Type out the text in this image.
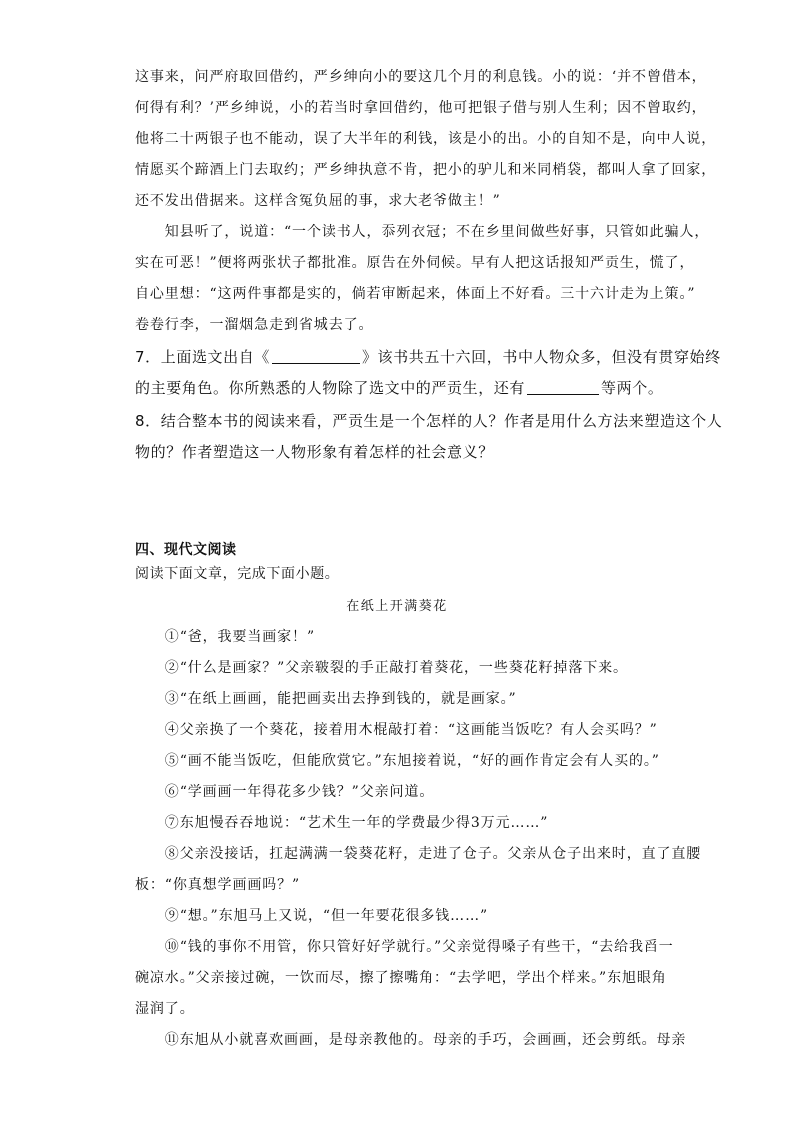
这事来，问严府取回借约，严乡绅向小的要这几个月的利息钱。小的说：‘并不曾借本，
何得有利？’严乡绅说，小的若当时拿回借约，他可把银子借与别人生利；因不曾取约，
他将二十两银子也不能动，误了大半年的利钱，该是小的出。小的自知不是，向中人说，
情愿买个蹄酒上门去取约；严乡绅执意不肯，把小的驴儿和米同梢袋，都叫人拿了回家，
还不发出借据来。这样含冤负屈的事，求大老爷做主！”
　　知县听了，说道：“一个读书人，忝列衣冠；不在乡里间做些好事，只管如此骗人，
实在可恶！”便将两张状子都批准。原告在外伺候。早有人把这话报知严贡生，慌了，
自心里想：“这两件事都是实的，倘若审断起来，体面上不好看。三十六计走为上策。”
卷卷行李，一溜烟急走到省城去了。
7．上面选文出自《	》该书共五十六回，书中人物众多，但没有贯穿始终
的主要角色。你所熟悉的人物除了选文中的严贡生，还有	等两个。
8．结合整本书的阅读来看，严贡生是一个怎样的人？作者是用什么方法来塑造这个人
物的？作者塑造这一人物形象有着怎样的社会意义？
四、现代文阅读
阅读下面文章，完成下面小题。
在纸上开满葵花
　　①“爸，我要当画家！”
　　②“什么是画家？”父亲皲裂的手正敲打着葵花，一些葵花籽掉落下来。
　　③“在纸上画画，能把画卖出去挣到钱的，就是画家。”
　　④父亲换了一个葵花，接着用木棍敲打着：“这画能当饭吃？有人会买吗？”
　　⑤“画不能当饭吃，但能欣赏它。”东旭接着说，“好的画作肯定会有人买的。”
　　⑥“学画画一年得花多少钱？”父亲问道。
　　⑦东旭慢吞吞地说：“艺术生一年的学费最少得3万元……”
　　⑧父亲没接话，扛起满满一袋葵花籽，走进了仓子。父亲从仓子出来时，直了直腰
板：“你真想学画画吗？”
　　⑨“想。”东旭马上又说，“但一年要花很多钱……”
　　⑩“钱的事你不用管，你只管好好学就行。”父亲觉得嗓子有些干，“去给我舀一
碗凉水。”父亲接过碗，一饮而尽，擦了擦嘴角：“去学吧，学出个样来。”东旭眼角
湿润了。
　　⑪东旭从小就喜欢画画，是母亲教他的。母亲的手巧，会画画，还会剪纸。母亲
